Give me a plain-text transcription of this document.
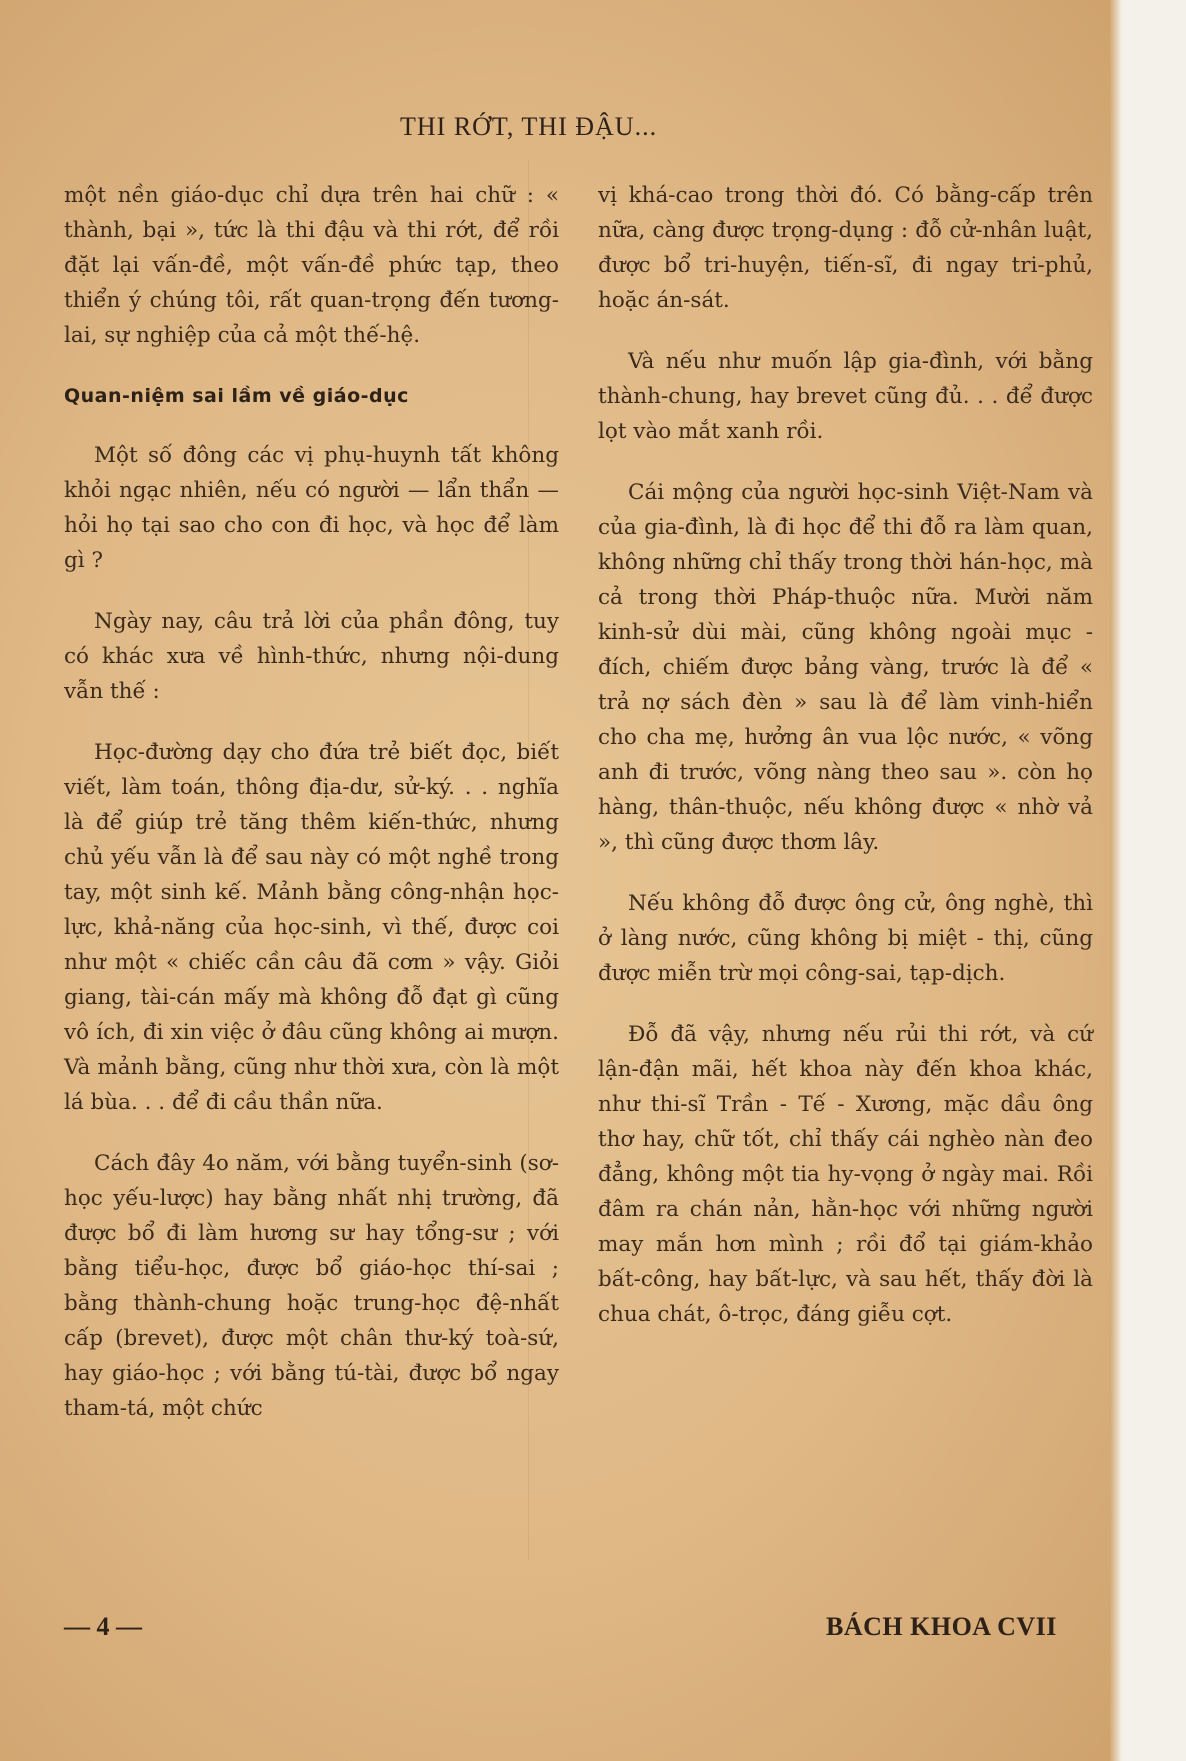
THI RỚT, THI ĐẬU...

một nền giáo-dục chỉ dựa trên hai chữ : « thành, bại », tức là thi đậu và thi rớt, để rồi đặt lại vấn-đề, một vấn-đề phức tạp, theo thiển ý chúng tôi, rất quan-trọng đến tương-lai, sự nghiệp của cả một thế-hệ.

Quan-niệm sai lầm về giáo-dục

Một số đông các vị phụ-huynh tất không khỏi ngạc nhiên, nếu có người — lẩn thẩn — hỏi họ tại sao cho con đi học, và học để làm gì ?

Ngày nay, câu trả lời của phần đông, tuy có khác xưa về hình-thức, nhưng nội-dung vẫn thế :

Học-đường dạy cho đứa trẻ biết đọc, biết viết, làm toán, thông địa-dư, sử-ký. . . nghĩa là để giúp trẻ tăng thêm kiến-thức, nhưng chủ yếu vẫn là để sau này có một nghề trong tay, một sinh kế. Mảnh bằng công-nhận học-lực, khả-năng của học-sinh, vì thế, được coi như một « chiếc cần câu đã cơm » vậy. Giỏi giang, tài-cán mấy mà không đỗ đạt gì cũng vô ích, đi xin việc ở đâu cũng không ai mượn. Và mảnh bằng, cũng như thời xưa, còn là một lá bùa. . . để đi cầu thần nữa.

Cách đây 4o năm, với bằng tuyển-sinh (sơ-học yếu-lược) hay bằng nhất nhị trường, đã được bổ đi làm hương sư hay tổng-sư ; với bằng tiểu-học, được bổ giáo-học thí-sai ; bằng thành-chung hoặc trung-học đệ-nhất cấp (brevet), được một chân thư-ký toà-sứ, hay giáo-học ; với bằng tú-tài, được bổ ngay tham-tá, một chức

vị khá-cao trong thời đó. Có bằng-cấp trên nữa, càng được trọng-dụng : đỗ cử-nhân luật, được bổ tri-huyện, tiến-sĩ, đi ngay tri-phủ, hoặc án-sát.

Và nếu như muốn lập gia-đình, với bằng thành-chung, hay brevet cũng đủ. . . để được lọt vào mắt xanh rồi.

Cái mộng của người học-sinh Việt-Nam và của gia-đình, là đi học để thi đỗ ra làm quan, không những chỉ thấy trong thời hán-học, mà cả trong thời Pháp-thuộc nữa. Mười năm kinh-sử dùi mài, cũng không ngoài mục - đích, chiếm được bảng vàng, trước là để « trả nợ sách đèn » sau là để làm vinh-hiển cho cha mẹ, hưởng ân vua lộc nước, « võng anh đi trước, võng nàng theo sau ». còn họ hàng, thân-thuộc, nếu không được « nhờ vả », thì cũng được thơm lây.

Nếu không đỗ được ông cử, ông nghè, thì ở làng nước, cũng không bị miệt - thị, cũng được miễn trừ mọi công-sai, tạp-dịch.

Đỗ đã vậy, nhưng nếu rủi thi rớt, và cứ lận-đận mãi, hết khoa này đến khoa khác, như thi-sĩ Trần - Tế - Xương, mặc dầu ông thơ hay, chữ tốt, chỉ thấy cái nghèo nàn đeo đẳng, không một tia hy-vọng ở ngày mai. Rồi đâm ra chán nản, hằn-học với những người may mắn hơn mình ; rồi đổ tại giám-khảo bất-công, hay bất-lực, và sau hết, thấy đời là chua chát, ô-trọc, đáng giễu cợt.

— 4 —	BÁCH KHOA CVII
